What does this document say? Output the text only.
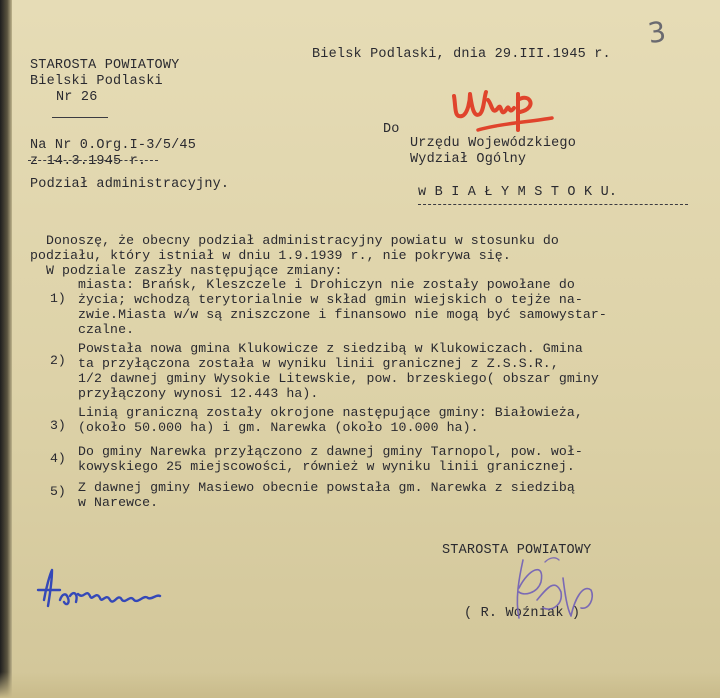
STAROSTA POWIATOWY
Bielski Podlaski
Nr 26
Bielsk Podlaski, dnia 29.III.1945 r.
3
Na Nr 0.Org.I-3/5/45
z 14.3.1945 r.
Do
Urzędu Wojewódzkiego
Wydział Ogólny
w B I A Ł Y M S T O K U.
Podział administracyjny.
Donoszę, że obecny podział administracyjny powiatu w stosunku do
podziału, który istniał w dniu 1.9.1939 r., nie pokrywa się.
W podziale zaszły następujące zmiany:
1)
miasta: Brańsk, Kleszczele i Drohiczyn nie zostały powołane do
życia; wchodzą terytorialnie w skład gmin wiejskich o tejże na-
zwie.Miasta w/w są zniszczone i finansowo nie mogą być samowystar-
czalne.
2)
Powstała nowa gmina Klukowicze z siedzibą w Klukowiczach. Gmina
ta przyłączona została w wyniku linii granicznej z Z.S.S.R.,
1/2 dawnej gminy Wysokie Litewskie, pow. brzeskiego( obszar gminy
przyłączony wynosi 12.443 ha).
3)
Linią graniczną zostały okrojone następujące gminy: Białowieża,
(około 50.000 ha) i gm. Narewka (około 10.000 ha).
4) Do gminy Narewka przyłączono z dawnej gminy Tarnopol, pow. woł-
kowyskiego 25 miejscowości, również w wyniku linii granicznej.
5) Z dawnej gminy Masiewo obecnie powstała gm. Narewka z siedzibą
w Narewce.
STAROSTA POWIATOWY
( R. Woźniak )
